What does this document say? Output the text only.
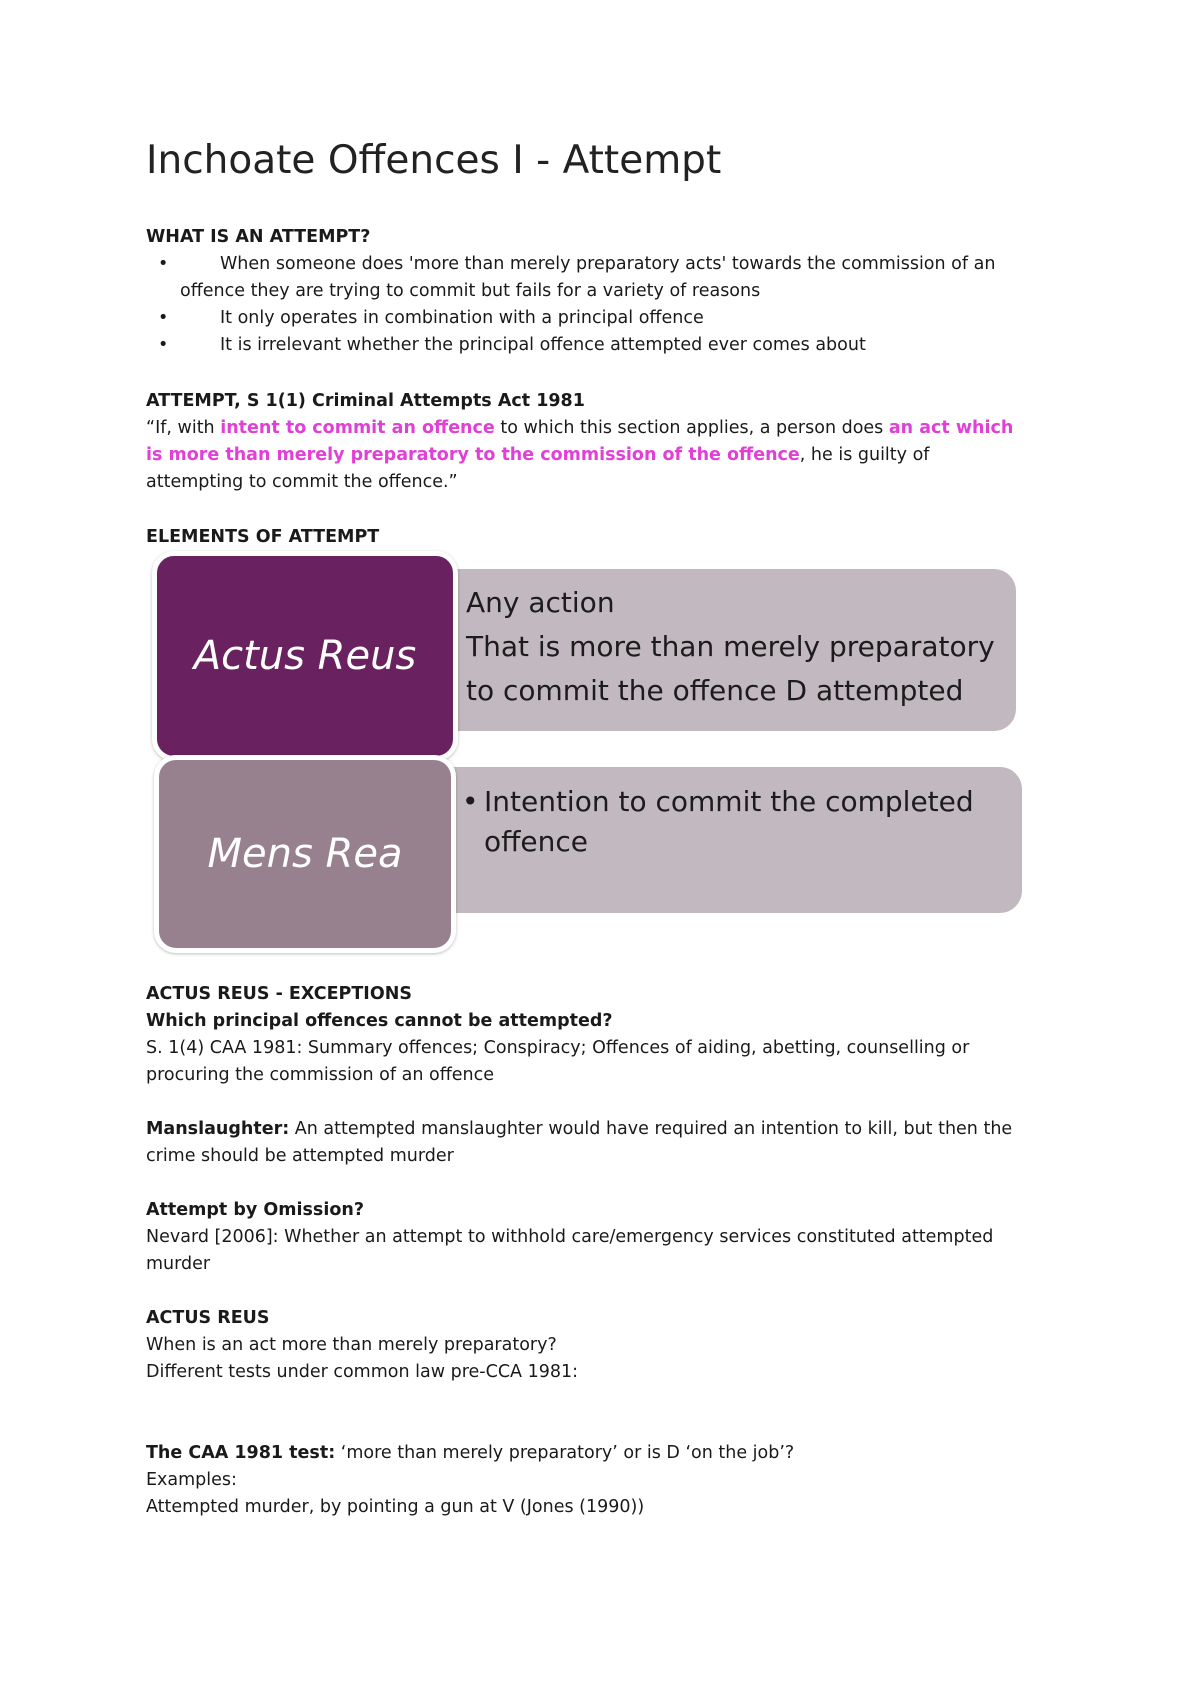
Inchoate Offences I - Attempt
WHAT IS AN ATTEMPT?
•	When someone does 'more than merely preparatory acts' towards the commission of an
offence they are trying to commit but fails for a variety of reasons
•	It only operates in combination with a principal offence
•	It is irrelevant whether the principal offence attempted ever comes about
ATTEMPT, S 1(1) Criminal Attempts Act 1981
“If, with intent to commit an offence to which this section applies, a person does an act which is more than merely preparatory to the commission of the offence, he is guilty of attempting to commit the offence.”
ELEMENTS OF ATTEMPT
Actus Reus
Mens Rea
Any action
That is more than merely preparatory
to commit the offence D attempted
• Intention to commit the completed
offence
ACTUS REUS - EXCEPTIONS
Which principal offences cannot be attempted?
S. 1(4) CAA 1981: Summary offences; Conspiracy; Offences of aiding, abetting, counselling or
procuring the commission of an offence
Manslaughter: An attempted manslaughter would have required an intention to kill, but then the
crime should be attempted murder
Attempt by Omission?
Nevard [2006]: Whether an attempt to withhold care/emergency services constituted attempted
murder
ACTUS REUS
When is an act more than merely preparatory?
Different tests under common law pre-CCA 1981:
The CAA 1981 test: ‘more than merely preparatory’ or is D ‘on the job’?
Examples:
Attempted murder, by pointing a gun at V (Jones (1990))
